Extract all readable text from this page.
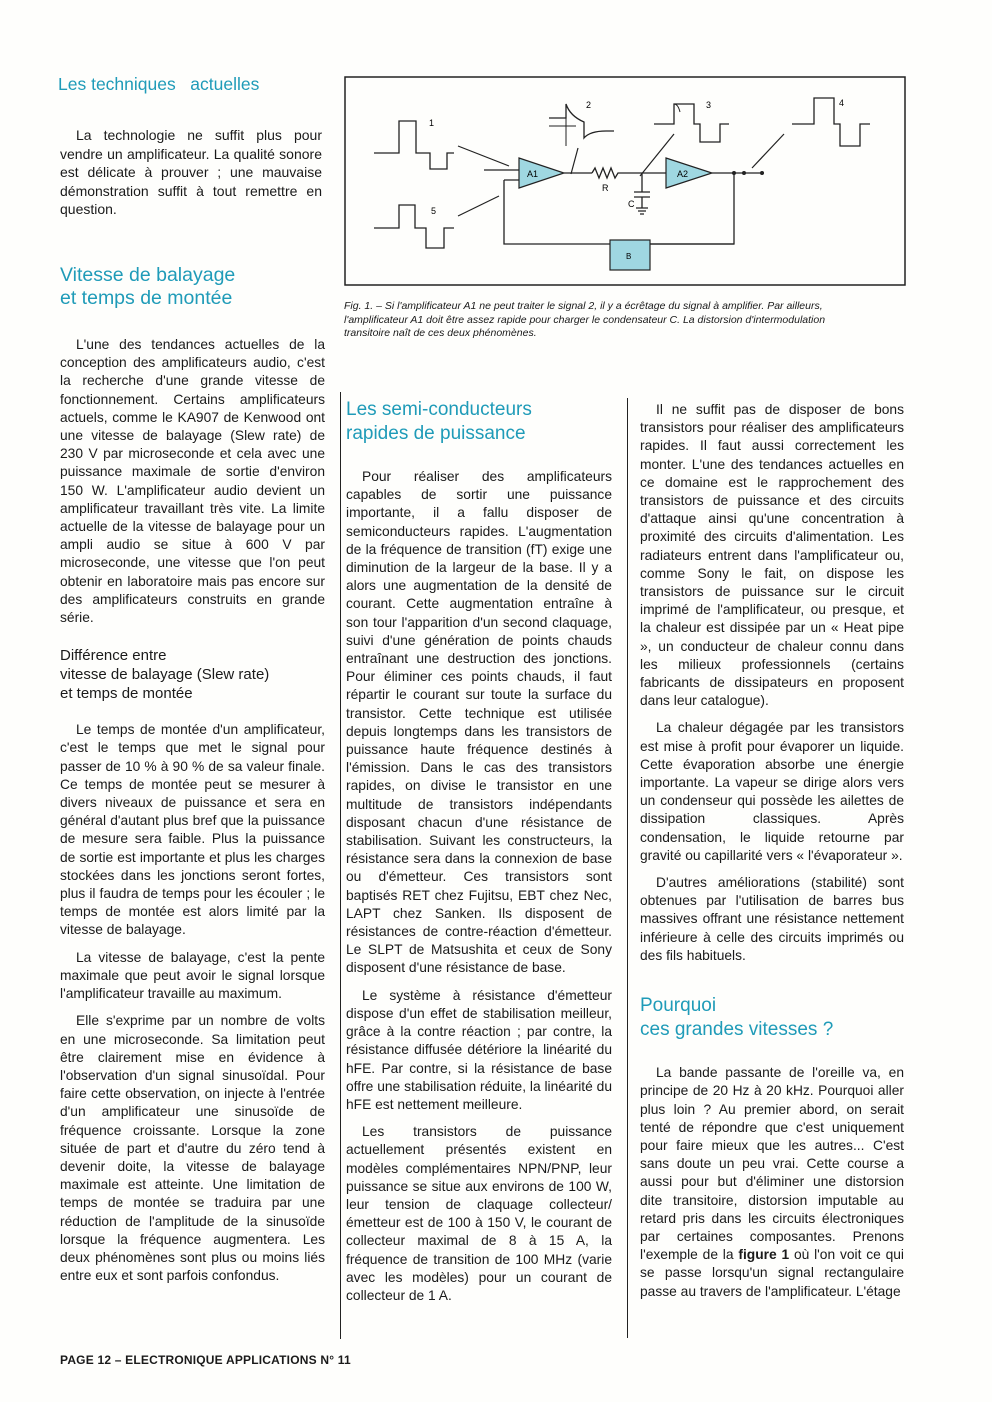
Les techniques   actuelles

La technologie ne suffit plus pour vendre un amplificateur. La qualité sonore est délicate à prouver ; une mauvaise démonstration suffit à tout remettre en question.

1
5
2	3	4
A1
R
C
A2
B
Fig. 1. – Si l'amplificateur A1 ne peut traiter le signal 2, il y a écrêtage du signal à amplifier. Par ailleurs,
l'amplificateur A1 doit être assez rapide pour charger le condensateur C. La distorsion d'intermodulation
transitoire naît de ces deux phénomènes.
Vitesse de balayage
et temps de montée

L'une des tendances actuelles de la conception des amplificateurs audio, c'est la recherche d'une grande vitesse de fonctionnement. Certains amplificateurs actuels, comme le KA907 de Kenwood ont une vitesse de balayage (Slew rate) de 230 V par microseconde et cela avec une puissance maximale de sortie d'environ 150 W. L'amplificateur audio devient un amplificateur travaillant très vite. La limite actuelle de la vitesse de balayage pour un ampli audio se situe à 600 V par microseconde, une vitesse que l'on peut obtenir en laboratoire mais pas encore sur des amplificateurs construits en grande série.

Différence entre
vitesse de balayage (Slew rate)
et temps de montée

Le temps de montée d'un amplificateur, c'est le temps que met le signal pour passer de 10 % à 90 % de sa valeur finale. Ce temps de montée peut se mesurer à divers niveaux de puissance et sera en général d'autant plus bref que la puissance de mesure sera faible. Plus la puissance de sortie est importante et plus les charges stockées dans les jonctions seront fortes, plus il faudra de temps pour les écouler ; le temps de montée est alors limité par la vitesse de balayage.

La vitesse de balayage, c'est la pente maximale que peut avoir le signal lorsque l'amplificateur travaille au maximum.

Elle s'exprime par un nombre de volts en une microseconde. Sa limitation peut être clairement mise en évidence à l'observation d'un signal sinusoïdal. Pour faire cette observation, on injecte à l'entrée d'un amplificateur une sinusoïde de fréquence croissante. Lorsque la zone située de part et d'autre du zéro tend à devenir doite, la vitesse de balayage maximale est atteinte. Une limitation de temps de montée se traduira par une réduction de l'amplitude de la sinusoïde lorsque la fréquence augmentera. Les deux phénomènes sont plus ou moins liés entre eux et sont parfois confondus.

Les semi-conducteurs
rapides de puissance

Pour réaliser des amplificateurs capables de sortir une puissance importante, il a fallu disposer de semiconducteurs rapides. L'augmentation de la fréquence de transition (fT) exige une diminution de la largeur de la base. Il y a alors une augmentation de la densité de courant. Cette augmentation entraîne à son tour l'apparition d'un second claquage, suivi d'une génération de points chauds entraînant une destruction des jonctions. Pour éliminer ces points chauds, il faut répartir le courant sur toute la surface du transistor. Cette technique est utilisée depuis longtemps dans les transistors de puissance haute fréquence destinés à l'émission. Dans le cas des transistors rapides, on divise le transistor en une multitude de transistors indépendants disposant chacun d'une résistance de stabilisation. Suivant les constructeurs, la résistance sera dans la connexion de base ou d'émetteur. Ces transistors sont baptisés RET chez Fujitsu, EBT chez Nec, LAPT chez Sanken. Ils disposent de résistances de contre-réaction d'émetteur. Le SLPT de Matsushita et ceux de Sony disposent d'une résistance de base.

Le système à résistance d'émetteur dispose d'un effet de stabilisation meilleur, grâce à la contre réaction ; par contre, la résistance diffusée détériore la linéarité du hFE. Par contre, si la résistance de base offre une stabilisation réduite, la linéarité du hFE est nettement meilleure.

Les transistors de puissance actuellement présentés existent en modèles complémentaires NPN/PNP, leur puissance se situe aux environs de 100 W, leur tension de claquage collecteur/émetteur est de 100 à 150 V, le courant de collecteur maximal de 8 à 15 A, la fréquence de transition de 100 MHz (varie avec les modèles) pour un courant de collecteur de 1 A.

Il ne suffit pas de disposer de bons transistors pour réaliser des amplificateurs rapides. Il faut aussi correctement les monter. L'une des tendances actuelles en ce domaine est le rapprochement des transistors de puissance et des circuits d'attaque ainsi qu'une concentration à proximité des circuits d'alimentation. Les radiateurs entrent dans l'amplificateur ou, comme Sony le fait, on dispose les transistors de puissance sur le circuit imprimé de l'amplificateur, ou presque, et la chaleur est dissipée par un « Heat pipe », un conducteur de chaleur connu dans les milieux professionnels (certains fabricants de dissipateurs en proposent dans leur catalogue).

La chaleur dégagée par les transistors est mise à profit pour évaporer un liquide. Cette évaporation absorbe une énergie importante. La vapeur se dirige alors vers un condenseur qui possède les ailettes de dissipation classiques. Après condensation, le liquide retourne par gravité ou capillarité vers « l'évaporateur ».

D'autres améliorations (stabilité) sont obtenues par l'utilisation de barres bus massives offrant une résistance nettement inférieure à celle des circuits imprimés ou des fils habituels.

Pourquoi
ces grandes vitesses ?

La bande passante de l'oreille va, en principe de 20 Hz à 20 kHz. Pourquoi aller plus loin ? Au premier abord, on serait tenté de répondre que c'est uniquement pour faire mieux que les autres... C'est sans doute un peu vrai. Cette course a aussi pour but d'éliminer une distorsion dite transitoire, distorsion imputable au retard pris dans les circuits électroniques par certaines composantes. Prenons l'exemple de la figure 1 où l'on voit ce qui se passe lorsqu'un signal rectangulaire passe au travers de l'amplificateur. L'étage

PAGE 12 – ELECTRONIQUE APPLICATIONS N° 11
